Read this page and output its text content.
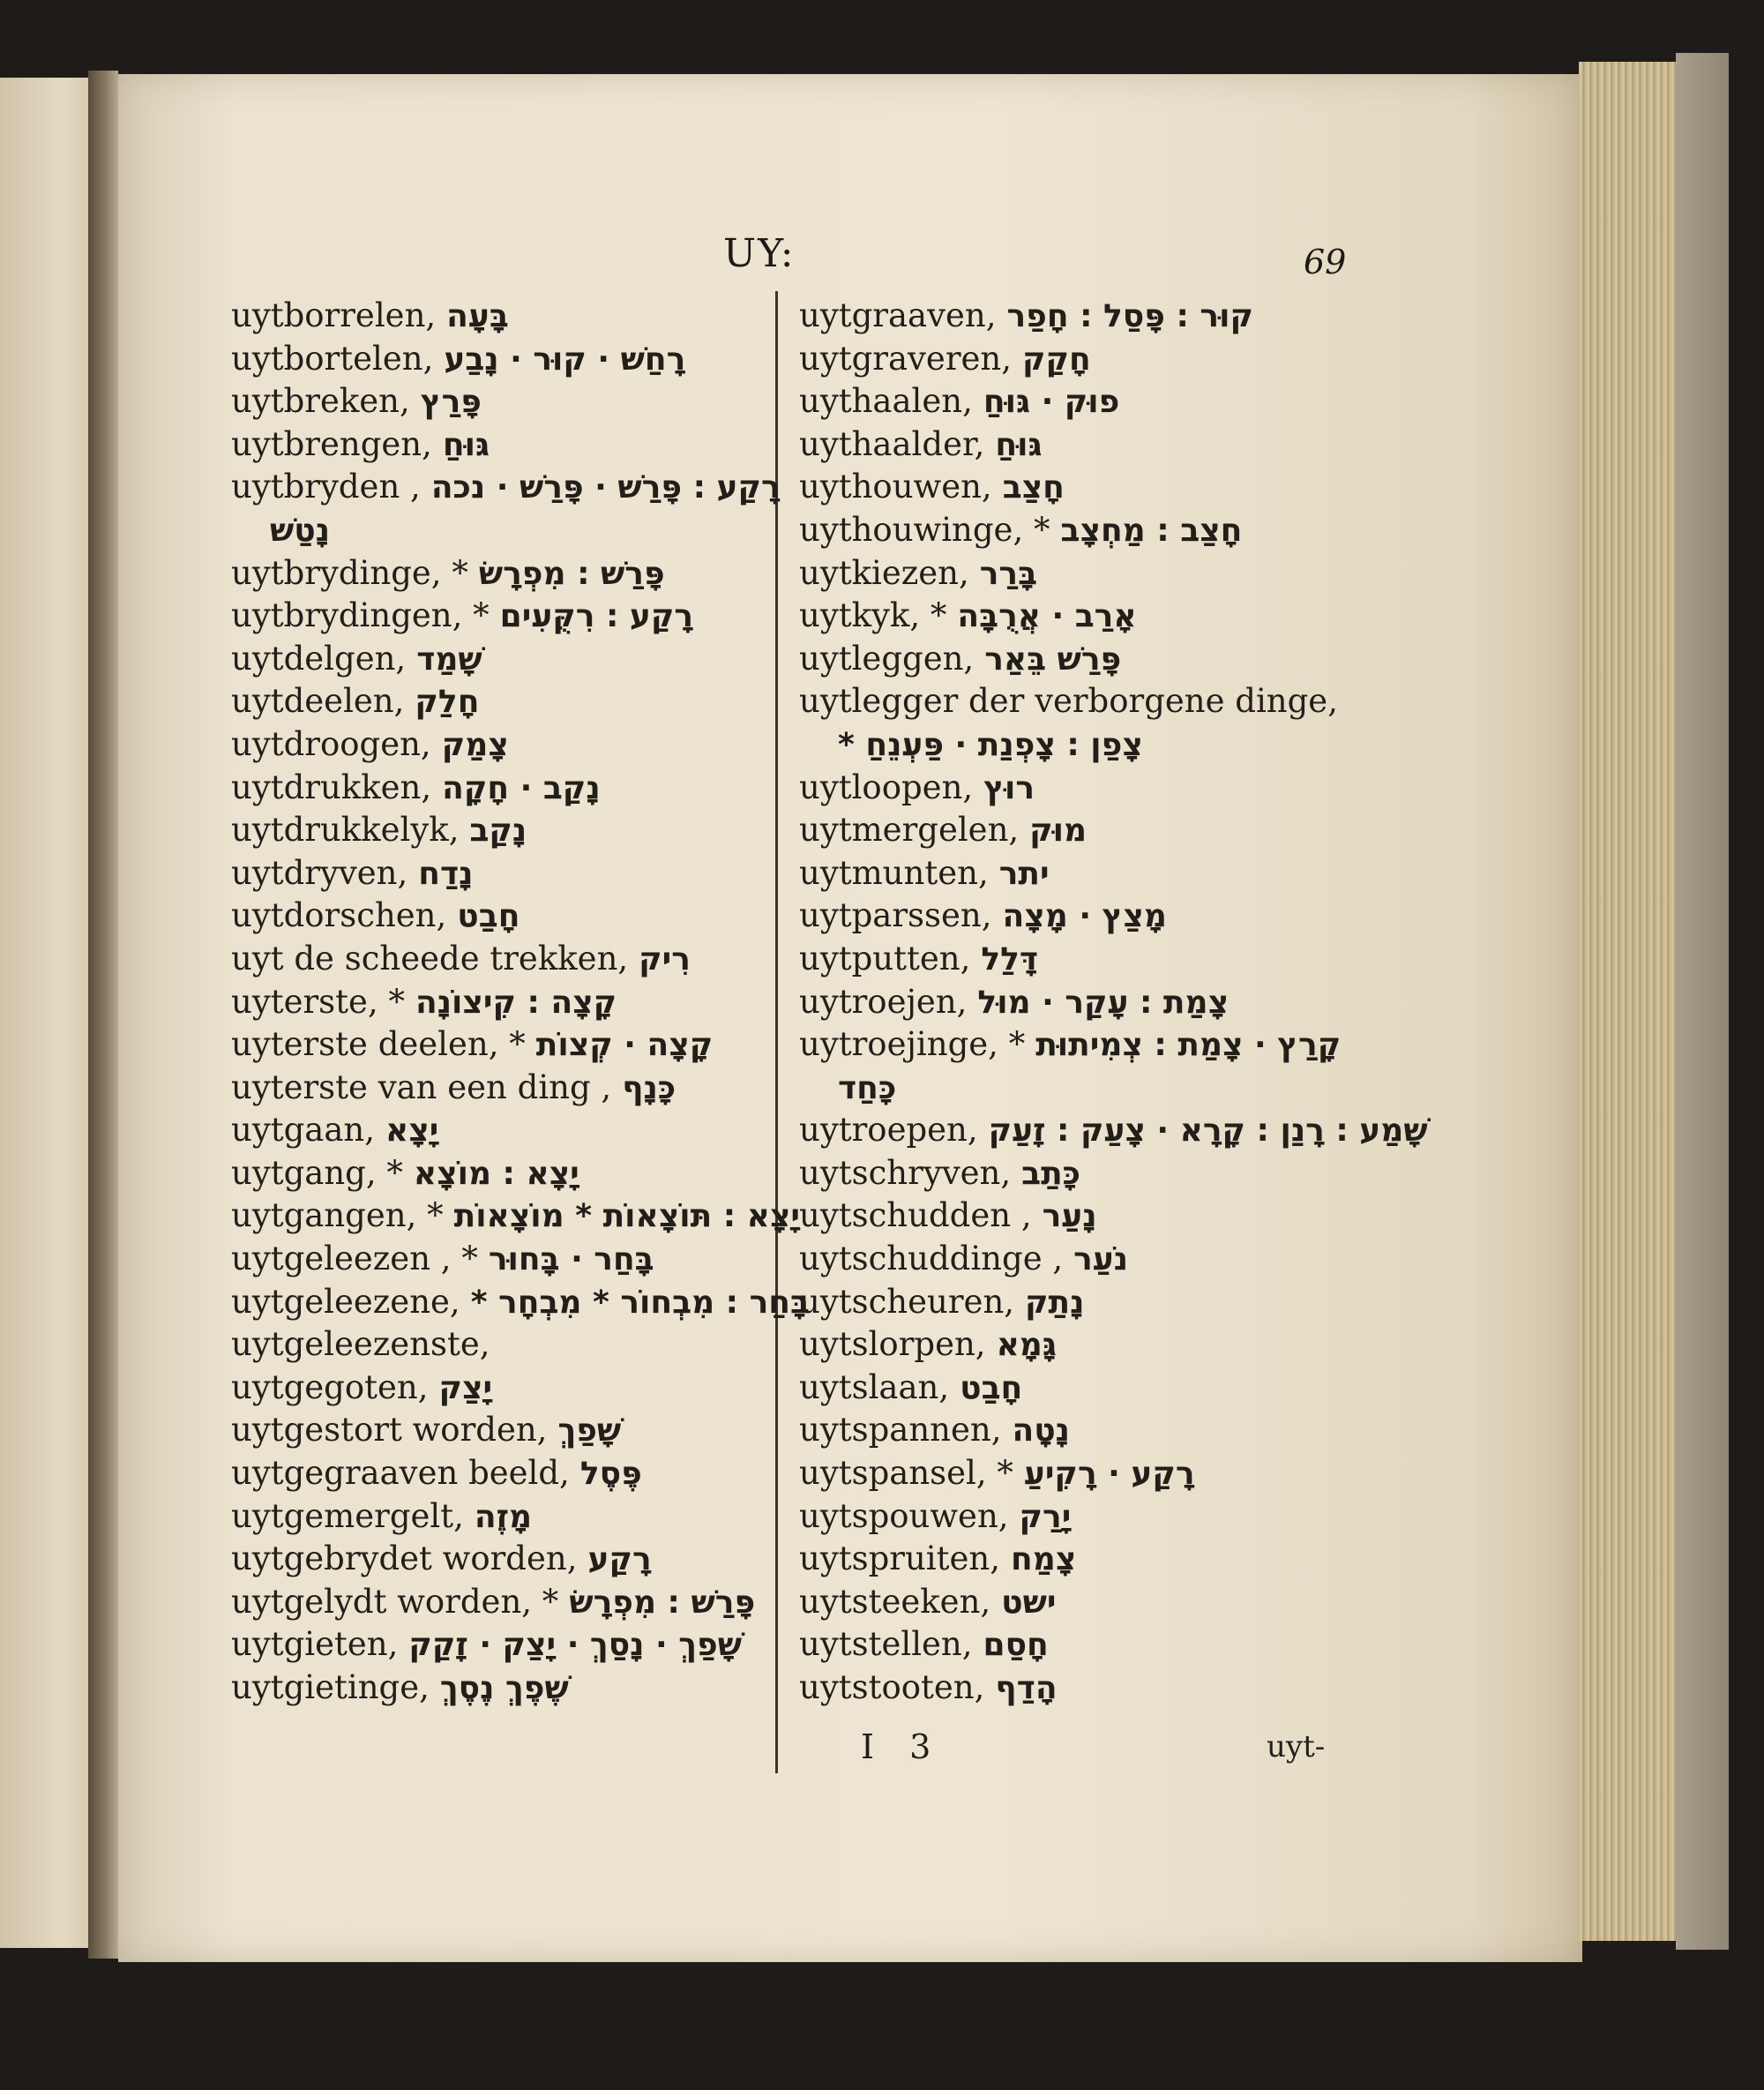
UY:	69
uytborrelen, בָּעָה
uytbortelen, רָחַשׁ · קוּר · נָבַע
uytbreken, פָּרַץ
uytbrengen, גּוּחַ
uytbryden , רָקַע : פָּרַשׁ · פָּרַשׁ · נכה
נָטַשׁ
uytbrydinge, * פָּרַשׁ : מִפְרָשׂ
uytbrydingen, * רָקַע : רִקֻּעִים
uytdelgen, שָׁמַד
uytdeelen, חָלַק
uytdroogen, צָמַק
uytdrukken, נָקַב · חָקָה
uytdrukkelyk, נָקַב
uytdryven, נָדַח
uytdorschen, חָבַט
uyt de scheede trekken, רִיק
uyterste, * קָצָה : קִיצוֹנָה
uyterste deelen, * קָצָה · קְצוֹת
uyterste van een ding , כָּנָף
uytgaan, יָצָא
uytgang, * יָצָא : מוֹצָא
uytgangen, * יָצָא : תּוֹצָאוֹת * מוֹצָאוֹת
uytgeleezen , * בָּחַר · בָּחוּר
uytgeleezene, בָּחַר : מִבְחוֹר * מִבְחָר *
uytgeleezenste,
uytgegoten, יָצַק
uytgestort worden, שָׁפַךְ
uytgegraaven beeld, פֶּסֶל
uytgemergelt, מָזֶה
uytgebrydet worden, רָקַע
uytgelydt worden, * פָּרַשׁ : מִפְרָשׂ
uytgieten, שָׁפַךְ · נָסַךְ · יָצַק · זָקַק
uytgietinge, שֶׁפֶךְ נֶסֶךְ
uytgraaven, קוּר : פָּסַל : חָפַר
uytgraveren, חָקַק
uythaalen, פוּק · גּוּחַ
uythaalder, גּוּחַ
uythouwen, חָצַב
uythouwinge, * חָצַב : מַחְצָב
uytkiezen, בָּרַר
uytkyk, * אָרַב · אֲרֻבָּה
uytleggen, פָּרַשׁ בֵּאַר
uytlegger der verborgene dinge,
צָפַן : צָפְנַת · פַּעְנֵחַ *
uytloopen, רוּץ
uytmergelen, מוּק
uytmunten, יתר
uytparssen, מָצַץ · מָצָה
uytputten, דָּלַל
uytroejen, צָמַת : עָקַר · מוּל
uytroejinge, * קָרַץ · צָמַת : צְמִיתוּת
כָּחַד
uytroepen, שָׁמַע : רָנַן : קָרָא · צָעַק : זָעַק
uytschryven, כָּתַב
uytschudden , נָעַר
uytschuddinge , נֹעַר
uytscheuren, נָתַק
uytslorpen, גָּמָא
uytslaan, חָבַט
uytspannen, נָטָה
uytspansel, * רָקַע · רָקִיעַ
uytspouwen, יָרַק
uytspruiten, צָמַח
uytsteeken, ישט
uytstellen, חָסַם
uytstooten, הָדַף
I 3	uyt-
